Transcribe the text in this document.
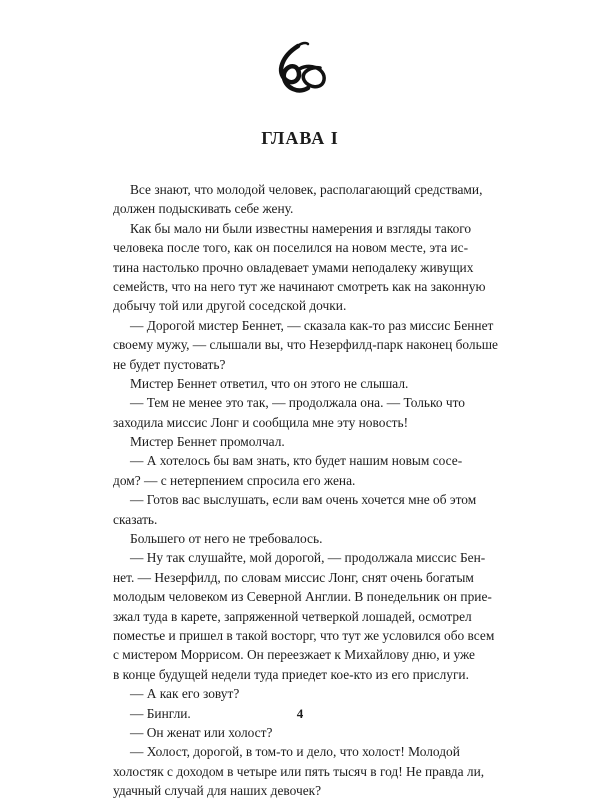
ГЛАВА I
Все знают, что молодой человек, располагающий средствами,
должен подыскивать себе жену.
Как бы мало ни были известны намерения и взгляды такого
человека после того, как он поселился на новом месте, эта ис-
тина настолько прочно овладевает умами неподалеку живущих
семейств, что на него тут же начинают смотреть как на законную
добычу той или другой соседской дочки.
— Дорогой мистер Беннет, — сказала как-то раз миссис Беннет
своему мужу, — слышали вы, что Незерфилд-парк наконец больше
не будет пустовать?
Мистер Беннет ответил, что он этого не слышал.
— Тем не менее это так, — продолжала она. — Только что
заходила миссис Лонг и сообщила мне эту новость!
Мистер Беннет промолчал.
— А хотелось бы вам знать, кто будет нашим новым сосе-
дом? — с нетерпением спросила его жена.
— Готов вас выслушать, если вам очень хочется мне об этом
сказать.
Большего от него не требовалось.
— Ну так слушайте, мой дорогой, — продолжала миссис Бен-
нет. — Незерфилд, по словам миссис Лонг, снят очень богатым
молодым человеком из Северной Англии. В понедельник он прие-
зжал туда в карете, запряженной четверкой лошадей, осмотрел
поместье и пришел в такой восторг, что тут же условился обо всем
с мистером Моррисом. Он переезжает к Михайлову дню, и уже
в конце будущей недели туда приедет кое-кто из его прислуги.
— А как его зовут?
— Бингли.
— Он женат или холост?
— Холост, дорогой, в том-то и дело, что холост! Молодой
холостяк с доходом в четыре или пять тысяч в год! Не правда ли,
удачный случай для наших девочек?
4
